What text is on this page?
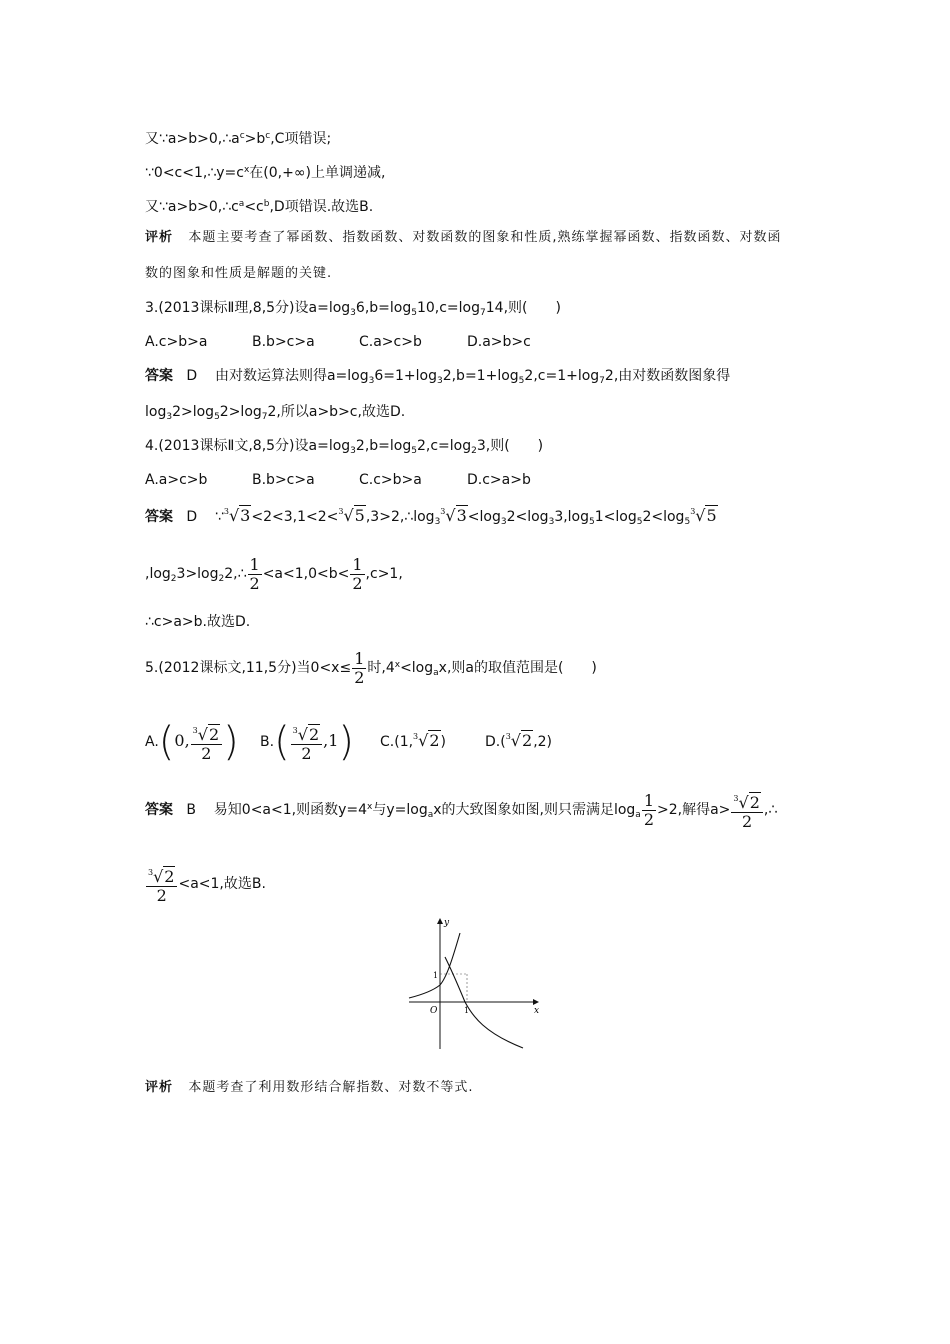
又$\because a>b>0,\therefore a^c>b^c,C$项错误;
$\because 0<c<1,\therefore y=c^x$在(0,+∞)上单调递减,
又$\because a>b>0,\therefore c^a<c^b,D$项错误.故选B.
评析 本题主要考查了幂函数、指数函数、对数函数的图象和性质,熟练掌握幂函数、指数函数、对数函
数的图象和性质是解题的关键.
3.(2013课标Ⅱ理,8,5分)设$a=\log_36,b=\log_510,c=\log_714$,则(　　)
A.c>b>a	B.b>c>a	C.a>c>b	D.a>b>c
答案 D 由对数运算法则得$a=\log_36=1+\log_32,b=1+\log_52,c=1+\log_72$,由对数函数图象得
$\log_32>\log_52>\log_72$,所以a>b>c,故选D.
4.(2013课标Ⅱ文,8,5分)设$a=\log_32,b=\log_52,c=\log_23$,则(　　)
A.a>c>b	B.b>c>a	C.c>b>a	D.c>a>b
答案 D $\because^3√3<2<3,1<2<^3√5,3>2,\therefore\log_3^3√3<\log_32<\log_33,\log_51<\log_52<\log_5^3√5$
$,\log_23>\log_22,\therefore \frac{1}{2} <a<1,0<b< \frac{1}{2} ,c>1$,
∴c>a>b.故选D.
5.(2012课标文,11,5分)当$0<x\le \frac{1}{2}$ 时$,4^x<\log_ax$,则a的取值范围是(　　)
A.(0, $\frac{^3√2}{2}$ ) $B.( \frac{^3√2}{2} ,1)$ C.(1,$^3$√2)	D.($^3$√2,2)
答案 B 易知0<a<1,则函数$y=4^x$与$y=\log_ax$的大致图象如图,则只需满足$\log_a \frac{1}{2} >2$,解得$a> \frac{^3√2}{2}$ ,∴
$\frac{^3√2}{2} <a<1$,故选B.
y
x
O
1
1
评析 本题考查了利用数形结合解指数、对数不等式.
